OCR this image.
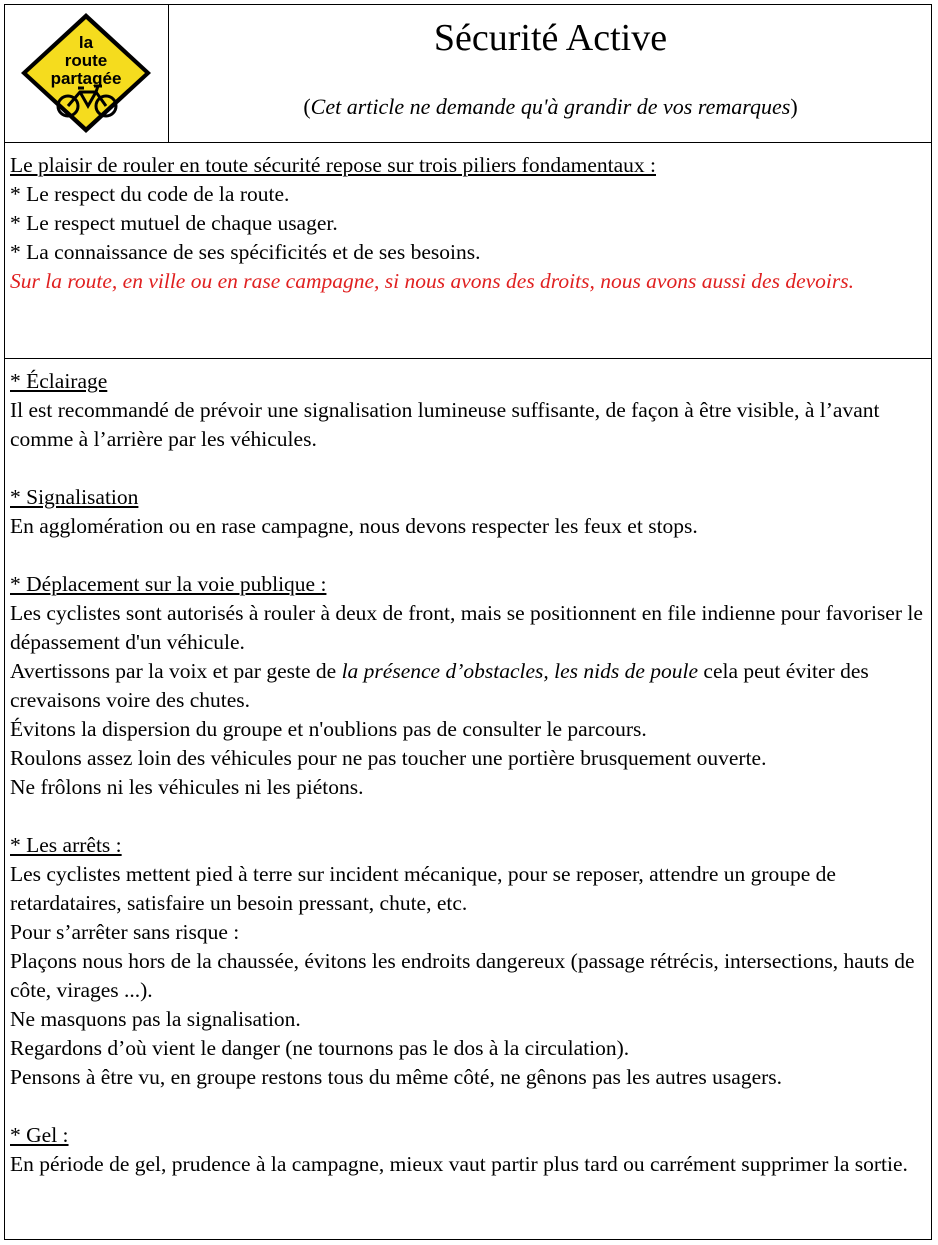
la
route
partagée
Sécurité Active
(Cet article ne demande qu'à grandir de vos remarques)

Le plaisir de rouler en toute sécurité repose sur trois piliers fondamentaux :

* Le respect du code de la route.

* Le respect mutuel de chaque usager.

* La connaissance de ses spécificités et de ses besoins.

Sur la route, en ville ou en rase campagne, si nous avons des droits, nous avons aussi des devoirs.

* Éclairage

Il est recommandé de prévoir une signalisation lumineuse suffisante, de façon à être visible, à l’avant comme à l’arrière par les véhicules.

* Signalisation

En agglomération ou en rase campagne, nous devons respecter les feux et stops.

* Déplacement sur la voie publique :

Les cyclistes sont autorisés à rouler à deux de front, mais se positionnent en file indienne pour favoriser le dépassement d'un véhicule.

Avertissons par la voix et par geste de la présence d’obstacles, les nids de poule cela peut éviter des crevaisons voire des chutes.

Évitons la dispersion du groupe et n'oublions pas de consulter le parcours.

Roulons assez loin des véhicules pour ne pas toucher une portière brusquement ouverte.

Ne frôlons ni les véhicules ni les piétons.

* Les arrêts :

Les cyclistes mettent pied à terre sur incident mécanique, pour se reposer, attendre un groupe de retardataires, satisfaire un besoin pressant, chute, etc.

Pour s’arrêter sans risque :

Plaçons nous hors de la chaussée, évitons les endroits dangereux (passage rétrécis, intersections, hauts de côte, virages ...).

Ne masquons pas la signalisation.

Regardons d’où vient le danger (ne tournons pas le dos à la circulation).

Pensons à être vu, en groupe restons tous du même côté, ne gênons pas les autres usagers.

* Gel :

En période de gel, prudence à la campagne, mieux vaut partir plus tard ou carrément supprimer la sortie.
